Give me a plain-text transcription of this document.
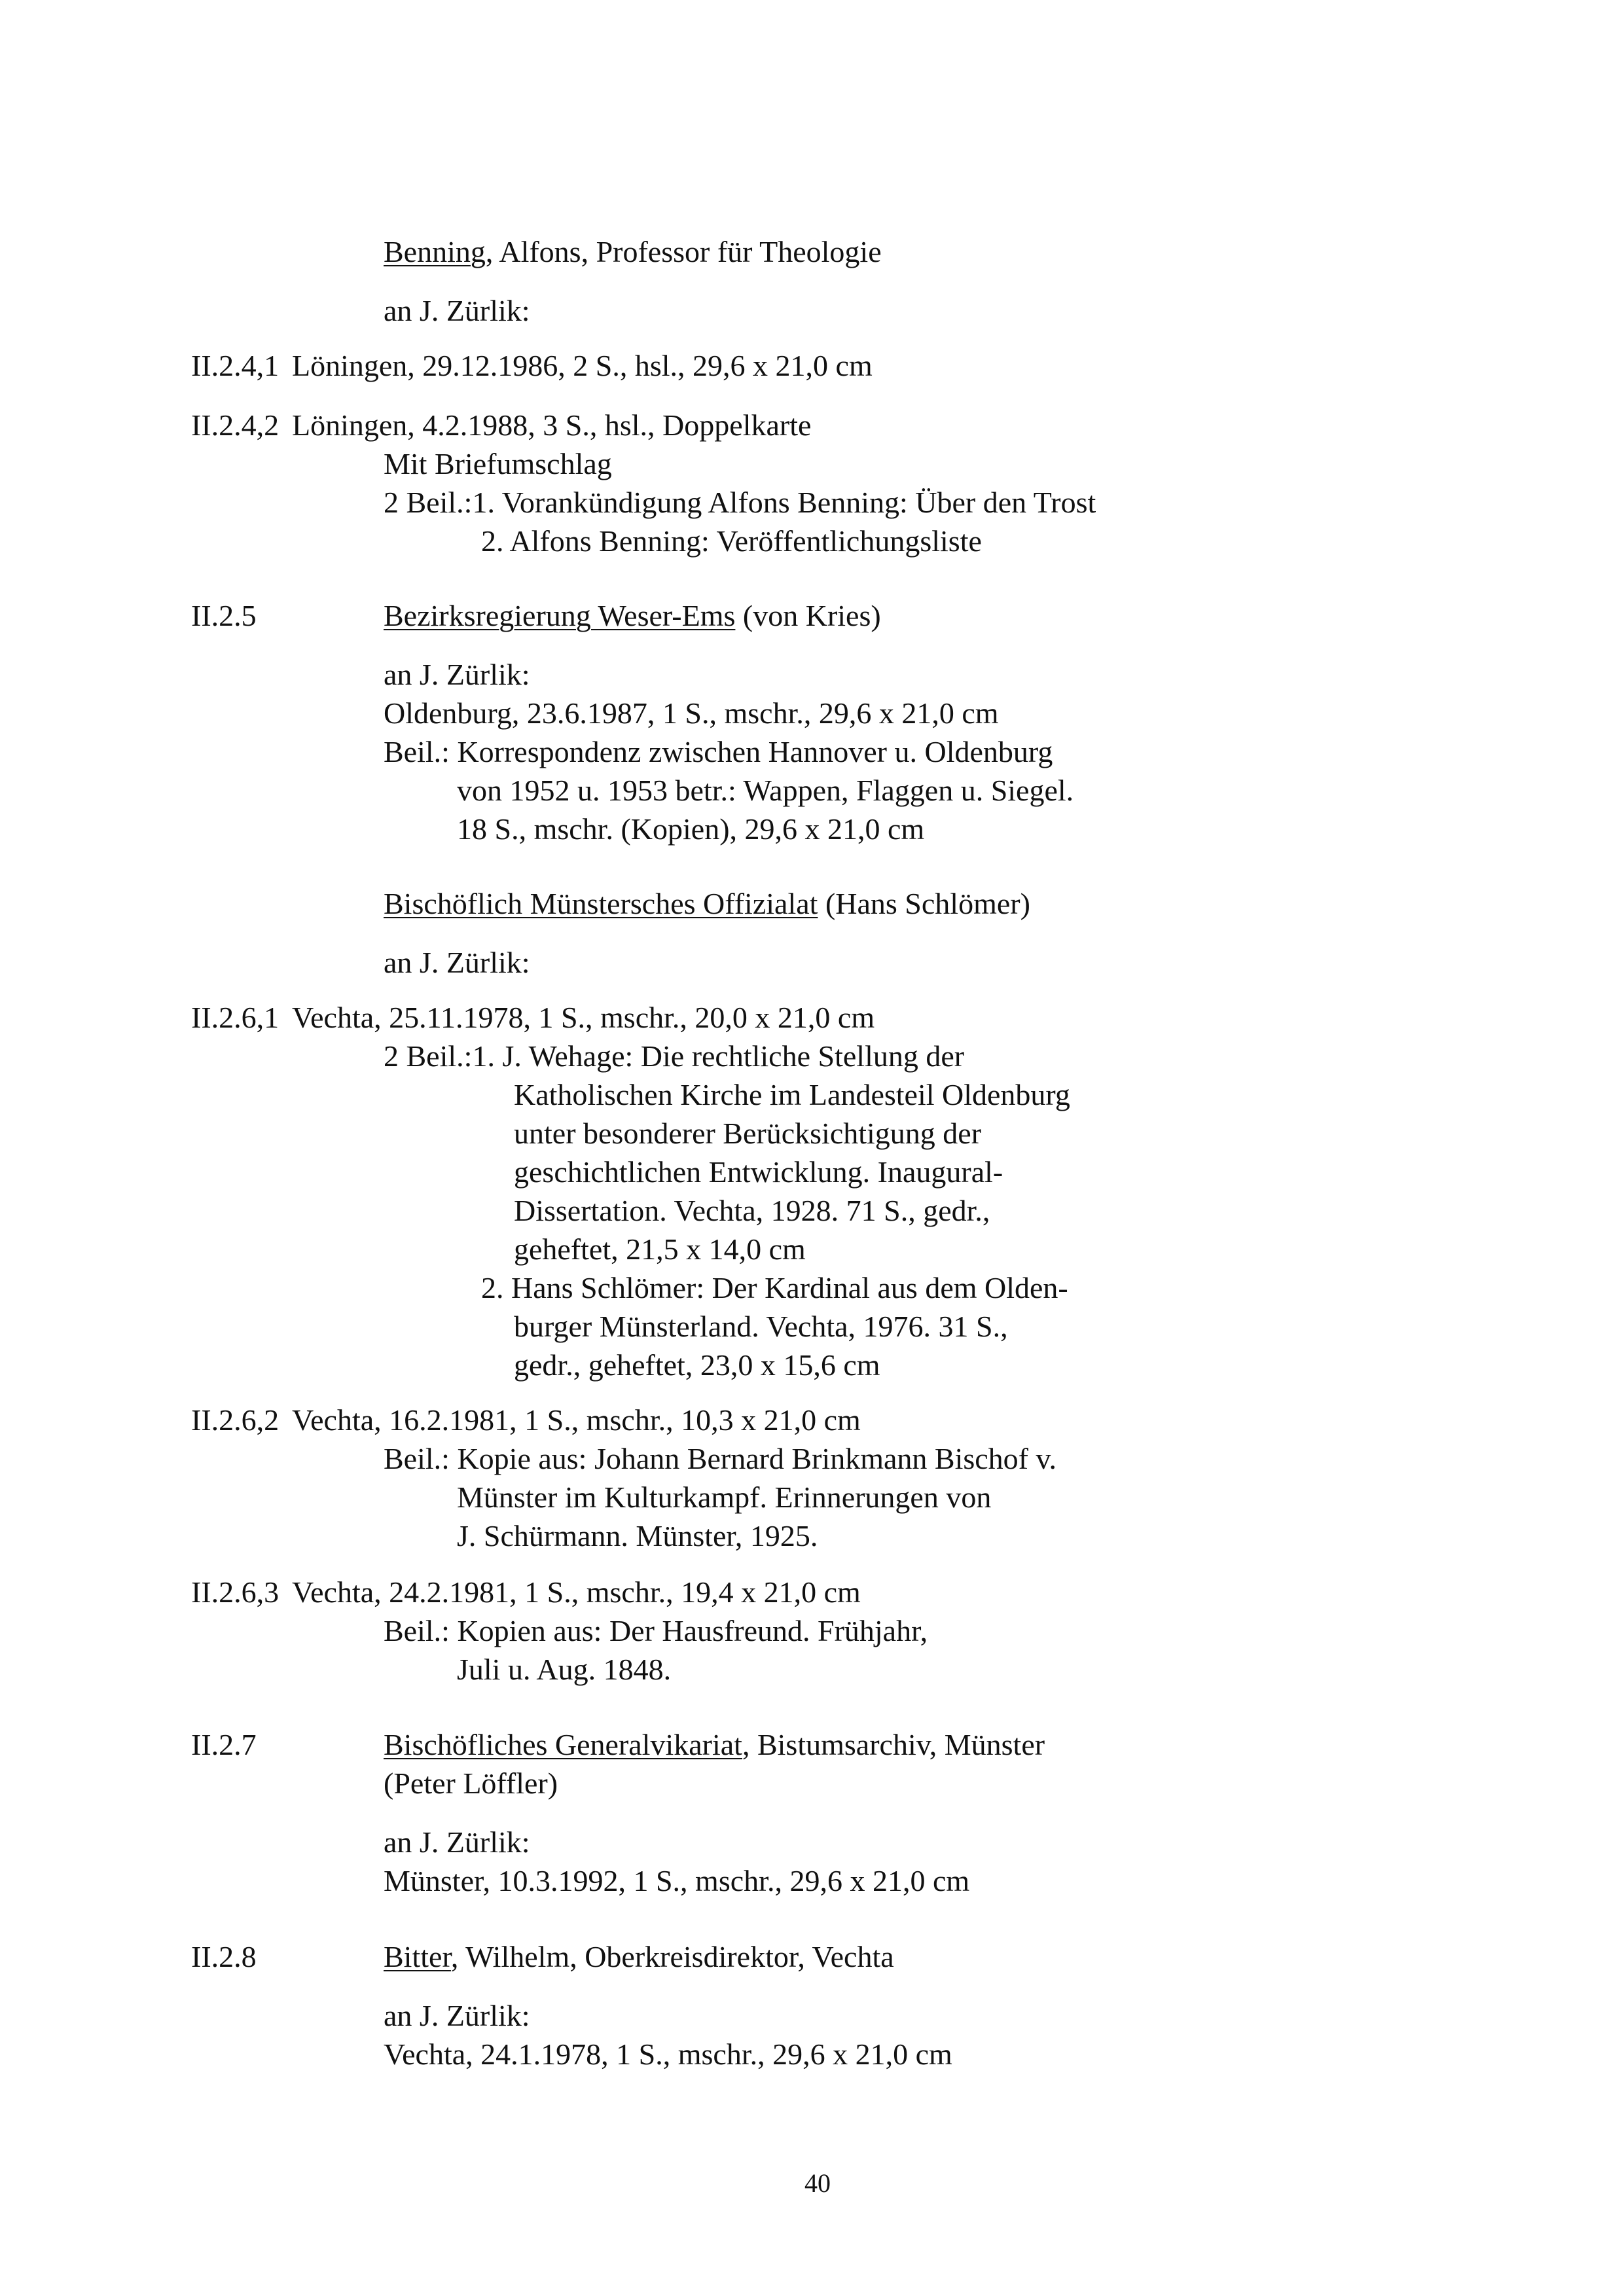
Benning, Alfons, Professor für Theologie
an J. Zürlik:
II.2.4,1 Löningen, 29.12.1986, 2 S., hsl., 29,6 x 21,0 cm
II.2.4,2 Löningen, 4.2.1988, 3 S., hsl., Doppelkarte
Mit Briefumschlag
2 Beil.:1. Vorankündigung Alfons Benning: Über den Trost
2. Alfons Benning: Veröffentlichungsliste
II.2.5	Bezirksregierung Weser-Ems (von Kries)
an J. Zürlik:
Oldenburg, 23.6.1987, 1 S., mschr., 29,6 x 21,0 cm
Beil.: Korrespondenz zwischen Hannover u. Oldenburg
von 1952 u. 1953 betr.: Wappen, Flaggen u. Siegel.
18 S., mschr. (Kopien), 29,6 x 21,0 cm
Bischöflich Münstersches Offizialat (Hans Schlömer)
an J. Zürlik:
II.2.6,1 Vechta, 25.11.1978, 1 S., mschr., 20,0 x 21,0 cm
2 Beil.:1. J. Wehage: Die rechtliche Stellung der
Katholischen Kirche im Landesteil Oldenburg
unter besonderer Berücksichtigung der
geschichtlichen Entwicklung. Inaugural-
Dissertation. Vechta, 1928. 71 S., gedr.,
geheftet, 21,5 x 14,0 cm
2. Hans Schlömer: Der Kardinal aus dem Olden-
burger Münsterland. Vechta, 1976. 31 S.,
gedr., geheftet, 23,0 x 15,6 cm
II.2.6,2 Vechta, 16.2.1981, 1 S., mschr., 10,3 x 21,0 cm
Beil.: Kopie aus: Johann Bernard Brinkmann Bischof v.
Münster im Kulturkampf. Erinnerungen von
J. Schürmann. Münster, 1925.
II.2.6,3 Vechta, 24.2.1981, 1 S., mschr., 19,4 x 21,0 cm
Beil.: Kopien aus: Der Hausfreund. Frühjahr,
Juli u. Aug. 1848.
II.2.7	Bischöfliches Generalvikariat, Bistumsarchiv, Münster
(Peter Löffler)
an J. Zürlik:
Münster, 10.3.1992, 1 S., mschr., 29,6 x 21,0 cm
II.2.8	Bitter, Wilhelm, Oberkreisdirektor, Vechta
an J. Zürlik:
Vechta, 24.1.1978, 1 S., mschr., 29,6 x 21,0 cm
40
